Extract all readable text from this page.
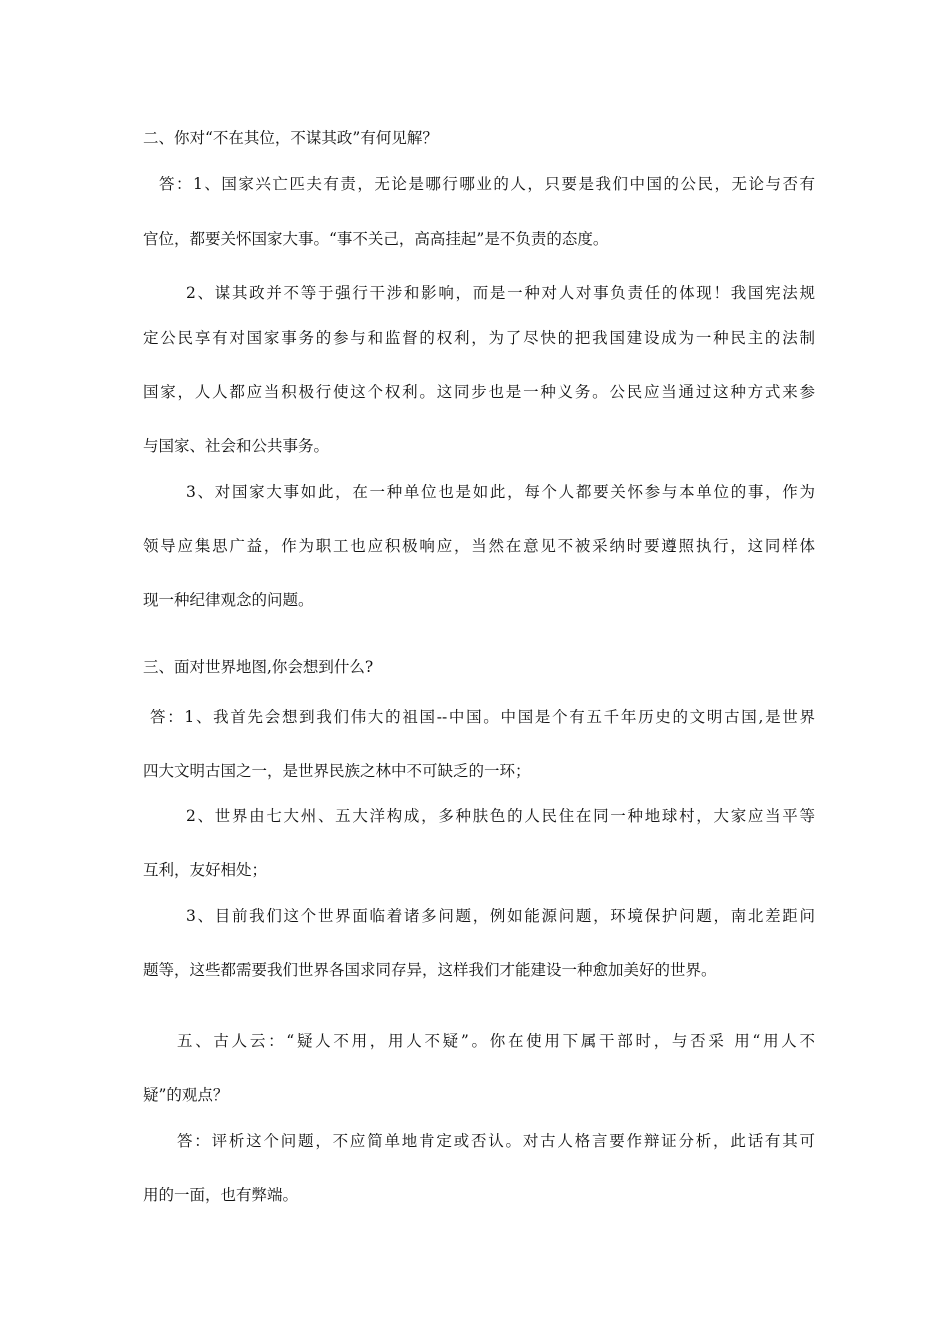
二、你对“不在其位，不谋其政”有何见解？
答：1、国家兴亡匹夫有责，无论是哪行哪业的人，只要是我们中国的公民，无论与否有
官位，都要关怀国家大事。“事不关己，高高挂起”是不负责的态度。
2、谋其政并不等于强行干涉和影响，而是一种对人对事负责任的体现！我国宪法规
定公民享有对国家事务的参与和监督的权利，为了尽快的把我国建设成为一种民主的法制
国家，人人都应当积极行使这个权利。这同步也是一种义务。公民应当通过这种方式来参
与国家、社会和公共事务。
3、对国家大事如此，在一种单位也是如此，每个人都要关怀参与本单位的事，作为
领导应集思广益，作为职工也应积极响应，当然在意见不被采纳时要遵照执行，这同样体
现一种纪律观念的问题。
三、面对世界地图,你会想到什么?
答：1、我首先会想到我们伟大的祖国--中国。中国是个有五千年历史的文明古国,是世界
四大文明古国之一，是世界民族之林中不可缺乏的一环；
2、世界由七大州、五大洋构成，多种肤色的人民住在同一种地球村，大家应当平等
互利，友好相处；
3、目前我们这个世界面临着诸多问题，例如能源问题，环境保护问题，南北差距问
题等，这些都需要我们世界各国求同存异，这样我们才能建设一种愈加美好的世界。
五、古人云：“疑人不用，用人不疑”。你在使用下属干部时，与否采 用“用人不
疑”的观点？
答：评析这个问题，不应简单地肯定或否认。对古人格言要作辩证分析，此话有其可
用的一面，也有弊端。
